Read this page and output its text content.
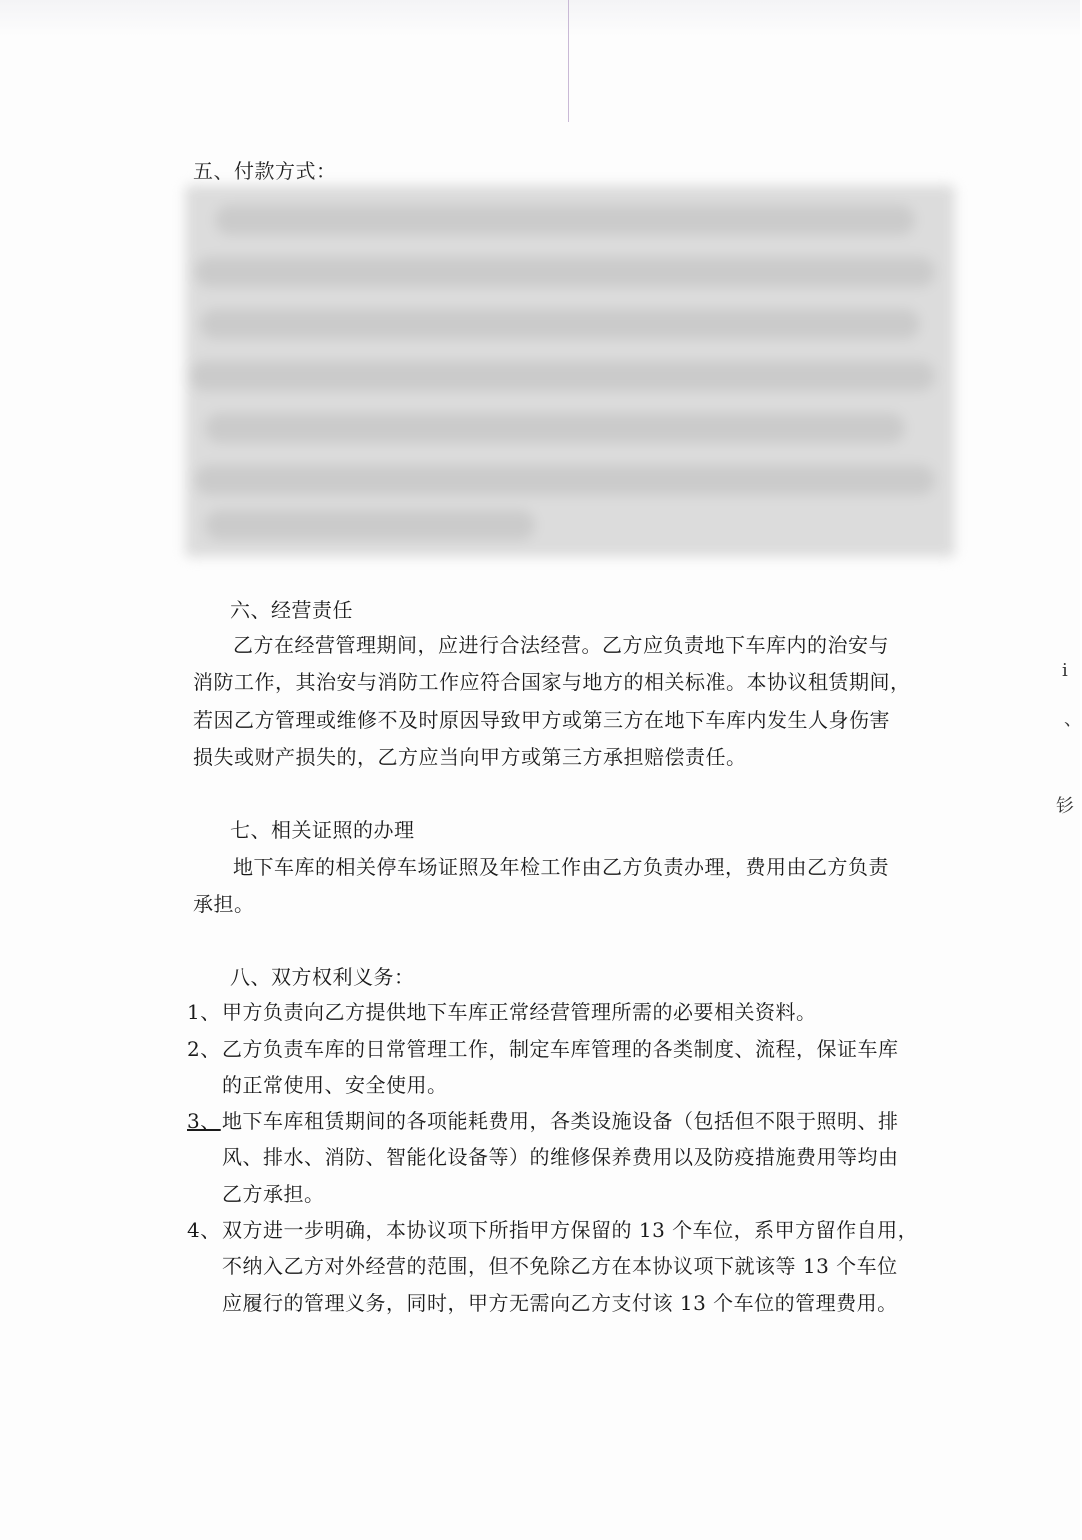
五、付款方式：
六、经营责任
乙方在经营管理期间，应进行合法经营。乙方应负责地下车库内的治安与
消防工作，其治安与消防工作应符合国家与地方的相关标准。本协议租赁期间，
若因乙方管理或维修不及时原因导致甲方或第三方在地下车库内发生人身伤害
损失或财产损失的，乙方应当向甲方或第三方承担赔偿责任。
七、相关证照的办理
地下车库的相关停车场证照及年检工作由乙方负责办理，费用由乙方负责
承担。
八、双方权利义务：
1、 甲方负责向乙方提供地下车库正常经营管理所需的必要相关资料。
2、 乙方负责车库的日常管理工作，制定车库管理的各类制度、流程，保证车库
的正常使用、安全使用。
3、 地下车库租赁期间的各项能耗费用，各类设施设备（包括但不限于照明、排
风、排水、消防、智能化设备等）的维修保养费用以及防疫措施费用等均由
乙方承担。
4、 双方进一步明确，本协议项下所指甲方保留的 13 个车位，系甲方留作自用，
不纳入乙方对外经营的范围，但不免除乙方在本协议项下就该等 13 个车位
应履行的管理义务，同时，甲方无需向乙方支付该 13 个车位的管理费用。
i
、
钐
